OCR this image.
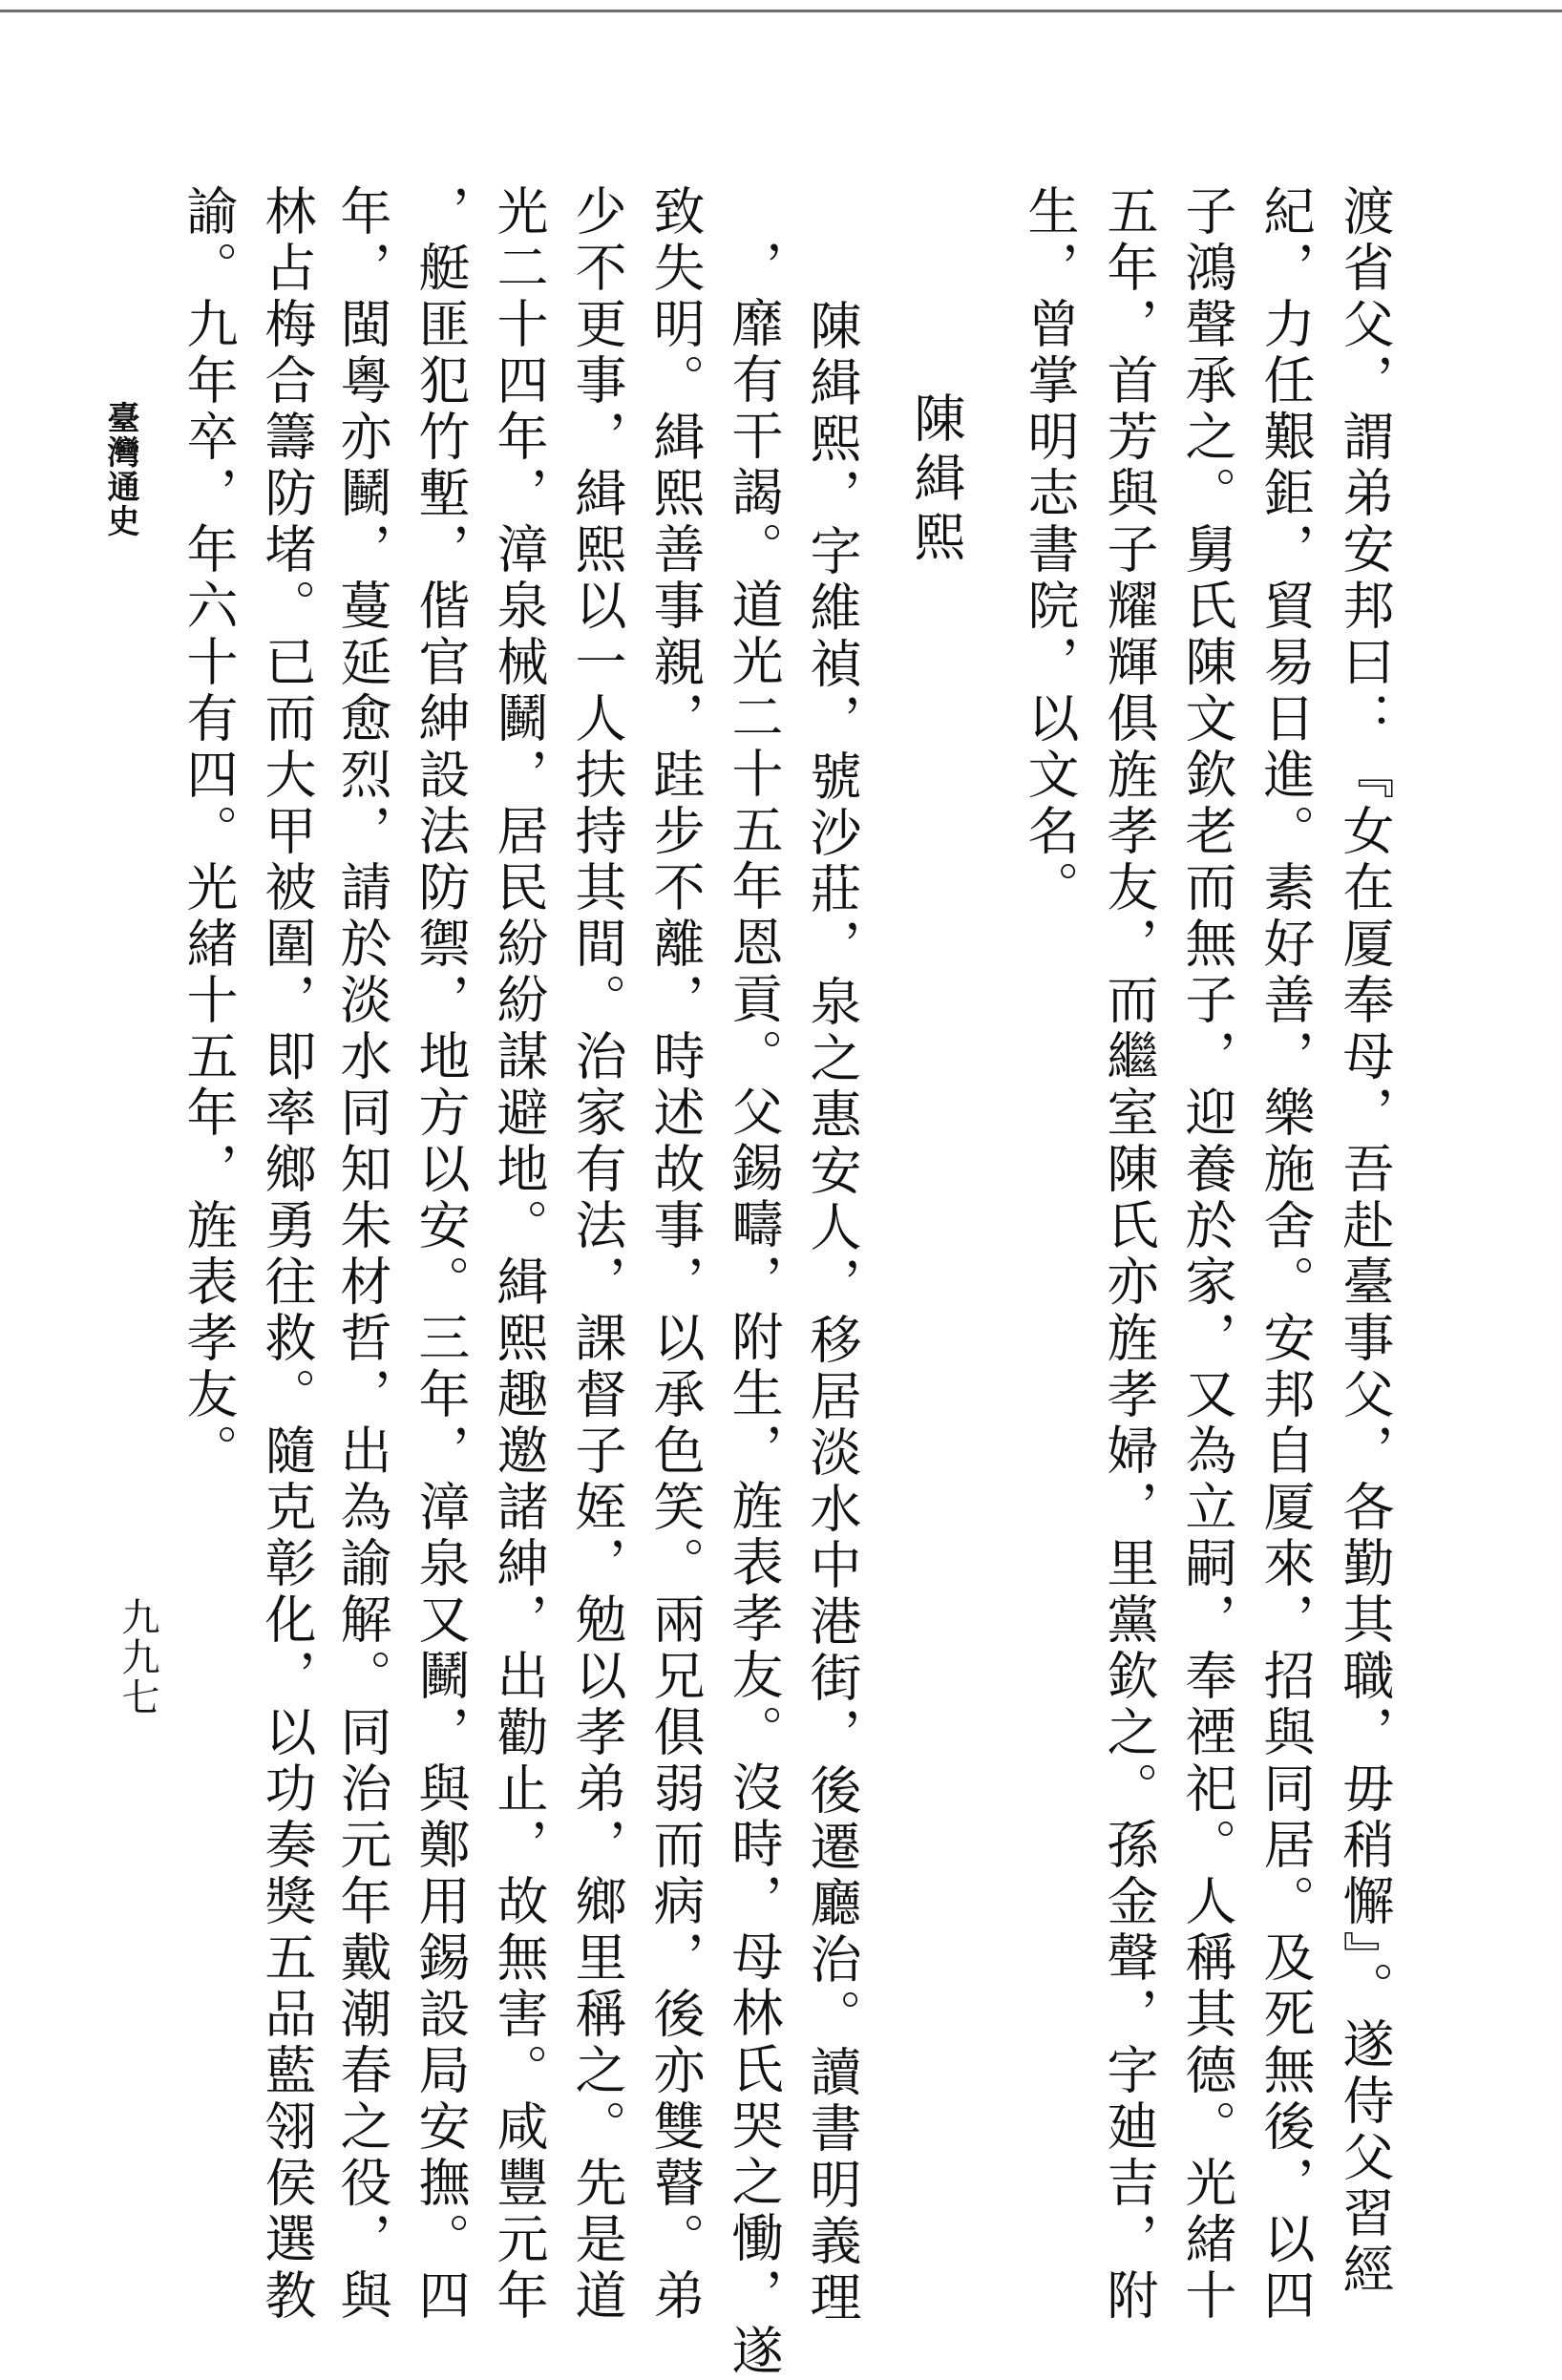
渡省父，謂弟安邦曰：『女在厦奉母，吾赴臺事父，各勤其職，毋稍懈』。遂侍父習經
紀，力任艱鉅，貿易日進。素好善，樂施舍。安邦自厦來，招與同居。及死無後，以四
子鴻聲承之。舅氏陳文欽老而無子，迎養於家，又為立嗣，奉禋祀。人稱其德。光緒十
五年，首芳與子耀輝俱旌孝友，而繼室陳氏亦旌孝婦，里黨欽之。孫金聲，字廸吉，附
生，曾掌明志書院，以文名。
陳緝熙
陳緝熙，字維禎，號沙莊，泉之惠安人，移居淡水中港街，後遷廳治。讀書明義理
，靡有干謁。道光二十五年恩貢。父錫疇，附生，旌表孝友。沒時，母林氏哭之慟，遂
致失明。緝熙善事親，跬步不離，時述故事，以承色笑。兩兄俱弱而病，後亦雙瞽。弟
少不更事，緝熙以一人扶持其間。治家有法，課督子姪，勉以孝弟，鄉里稱之。先是道
光二十四年，漳泉械鬭，居民紛紛謀避地。緝熙趣邀諸紳，出勸止，故無害。咸豐元年
，艇匪犯竹塹，偕官紳設法防禦，地方以安。三年，漳泉又鬭，與鄭用錫設局安撫。四
年，閩粵亦鬭，蔓延愈烈，請於淡水同知朱材哲，出為諭解。同治元年戴潮春之役，與
林占梅合籌防堵。已而大甲被圍，即率鄉勇往救。隨克彰化，以功奏獎五品藍翎侯選教
諭。九年卒，年六十有四。光緒十五年，旌表孝友。
臺灣通史
九九七
